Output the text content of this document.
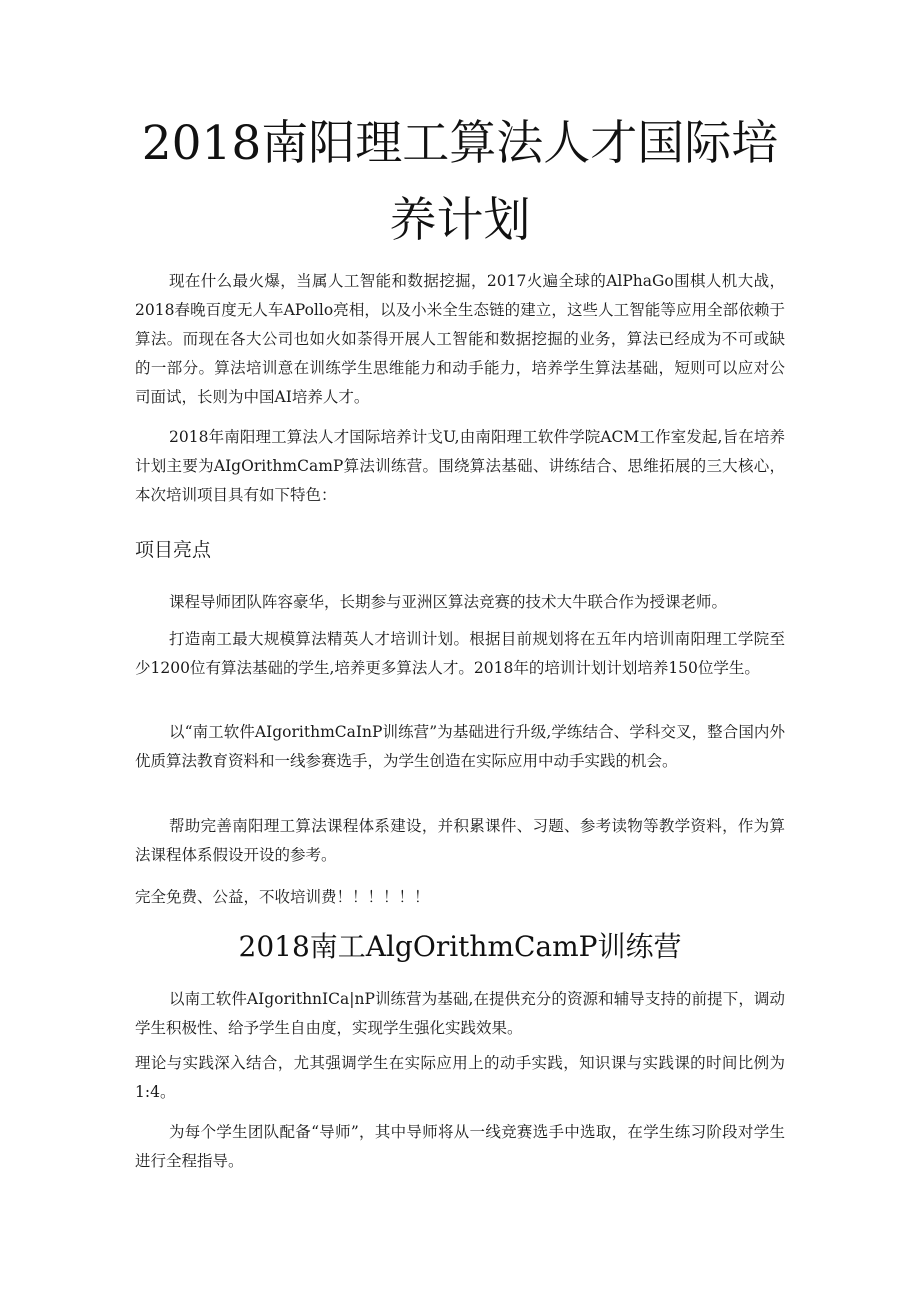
2018南阳理工算法人才国际培
养计划
现在什么最火爆，当属人工智能和数据挖掘，2017火遍全球的AlPhaGo围棋人机大战，2018春晚百度无人车APollo亮相，以及小米全生态链的建立，这些人工智能等应用全部依赖于算法。而现在各大公司也如火如荼得开展人工智能和数据挖掘的业务，算法已经成为不可或缺的一部分。算法培训意在训练学生思维能力和动手能力，培养学生算法基础，短则可以应对公司面试，长则为中国AI培养人才。
2018年南阳理工算法人才国际培养计戈U,由南阳理工软件学院ACM工作室发起,旨在培养计划主要为AIgOrithmCamP算法训练营。围绕算法基础、讲练结合、思维拓展的三大核心，本次培训项目具有如下特色：
项目亮点
课程导师团队阵容豪华，长期参与亚洲区算法竞赛的技术大牛联合作为授课老师。
打造南工最大规模算法精英人才培训计划。根据目前规划将在五年内培训南阳理工学院至少1200位有算法基础的学生,培养更多算法人才。2018年的培训计划计划培养150位学生。
以“南工软件AIgorithmCaInP训练营”为基础进行升级,学练结合、学科交叉，整合国内外优质算法教育资料和一线参赛选手，为学生创造在实际应用中动手实践的机会。
帮助完善南阳理工算法课程体系建设，并积累课件、习题、参考读物等教学资料，作为算法课程体系假设开设的参考。
完全免费、公益，不收培训费！！！！！！
2018南工AlgOrithmCamP训练营
以南工软件AIgorithnICa|nP训练营为基础,在提供充分的资源和辅导支持的前提下，调动学生积极性、给予学生自由度，实现学生强化实践效果。
理论与实践深入结合，尤其强调学生在实际应用上的动手实践，知识课与实践课的时间比例为1:4。
为每个学生团队配备“导师”，其中导师将从一线竞赛选手中选取，在学生练习阶段对学生进行全程指导。
